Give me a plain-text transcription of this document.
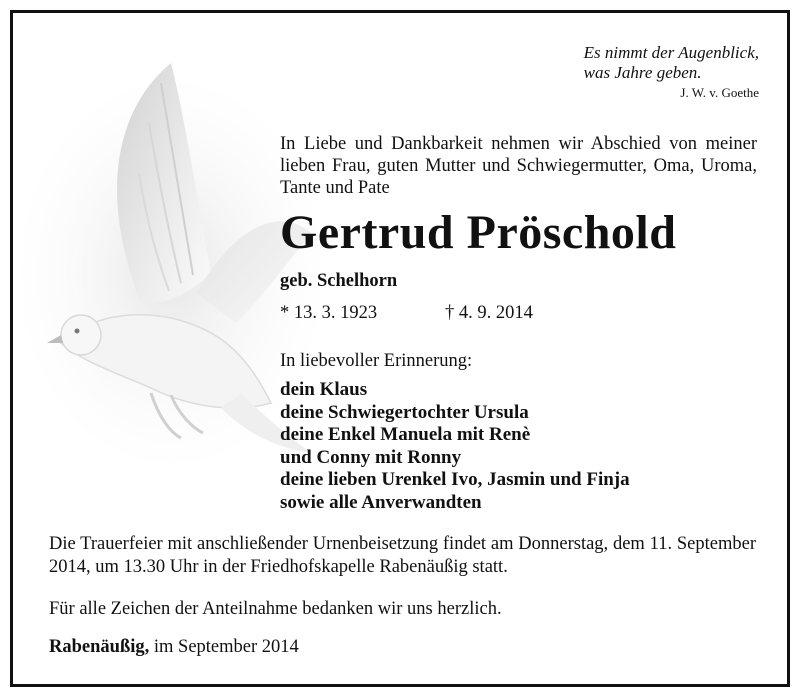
Es nimmt der Augenblick,
was Jahre geben.
J. W. v. Goethe
In Liebe und Dankbarkeit nehmen wir Abschied von meiner lieben Frau, guten Mutter und Schwiegermutter, Oma, Uroma, Tante und Pate
Gertrud Pröschold
geb. Schelhorn
* 13. 3. 1923	† 4. 9. 2014
In liebevoller Erinnerung:
dein Klaus
deine Schwiegertochter Ursula
deine Enkel Manuela mit Renè
und Conny mit Ronny
deine lieben Urenkel Ivo, Jasmin und Finja
sowie alle Anverwandten
Die Trauerfeier mit anschließender Urnenbeisetzung findet am Donnerstag, dem 11. September 2014, um 13.30 Uhr in der Friedhofskapelle Rabenäußig statt.
Für alle Zeichen der Anteilnahme bedanken wir uns herzlich.
Rabenäußig, im September 2014
